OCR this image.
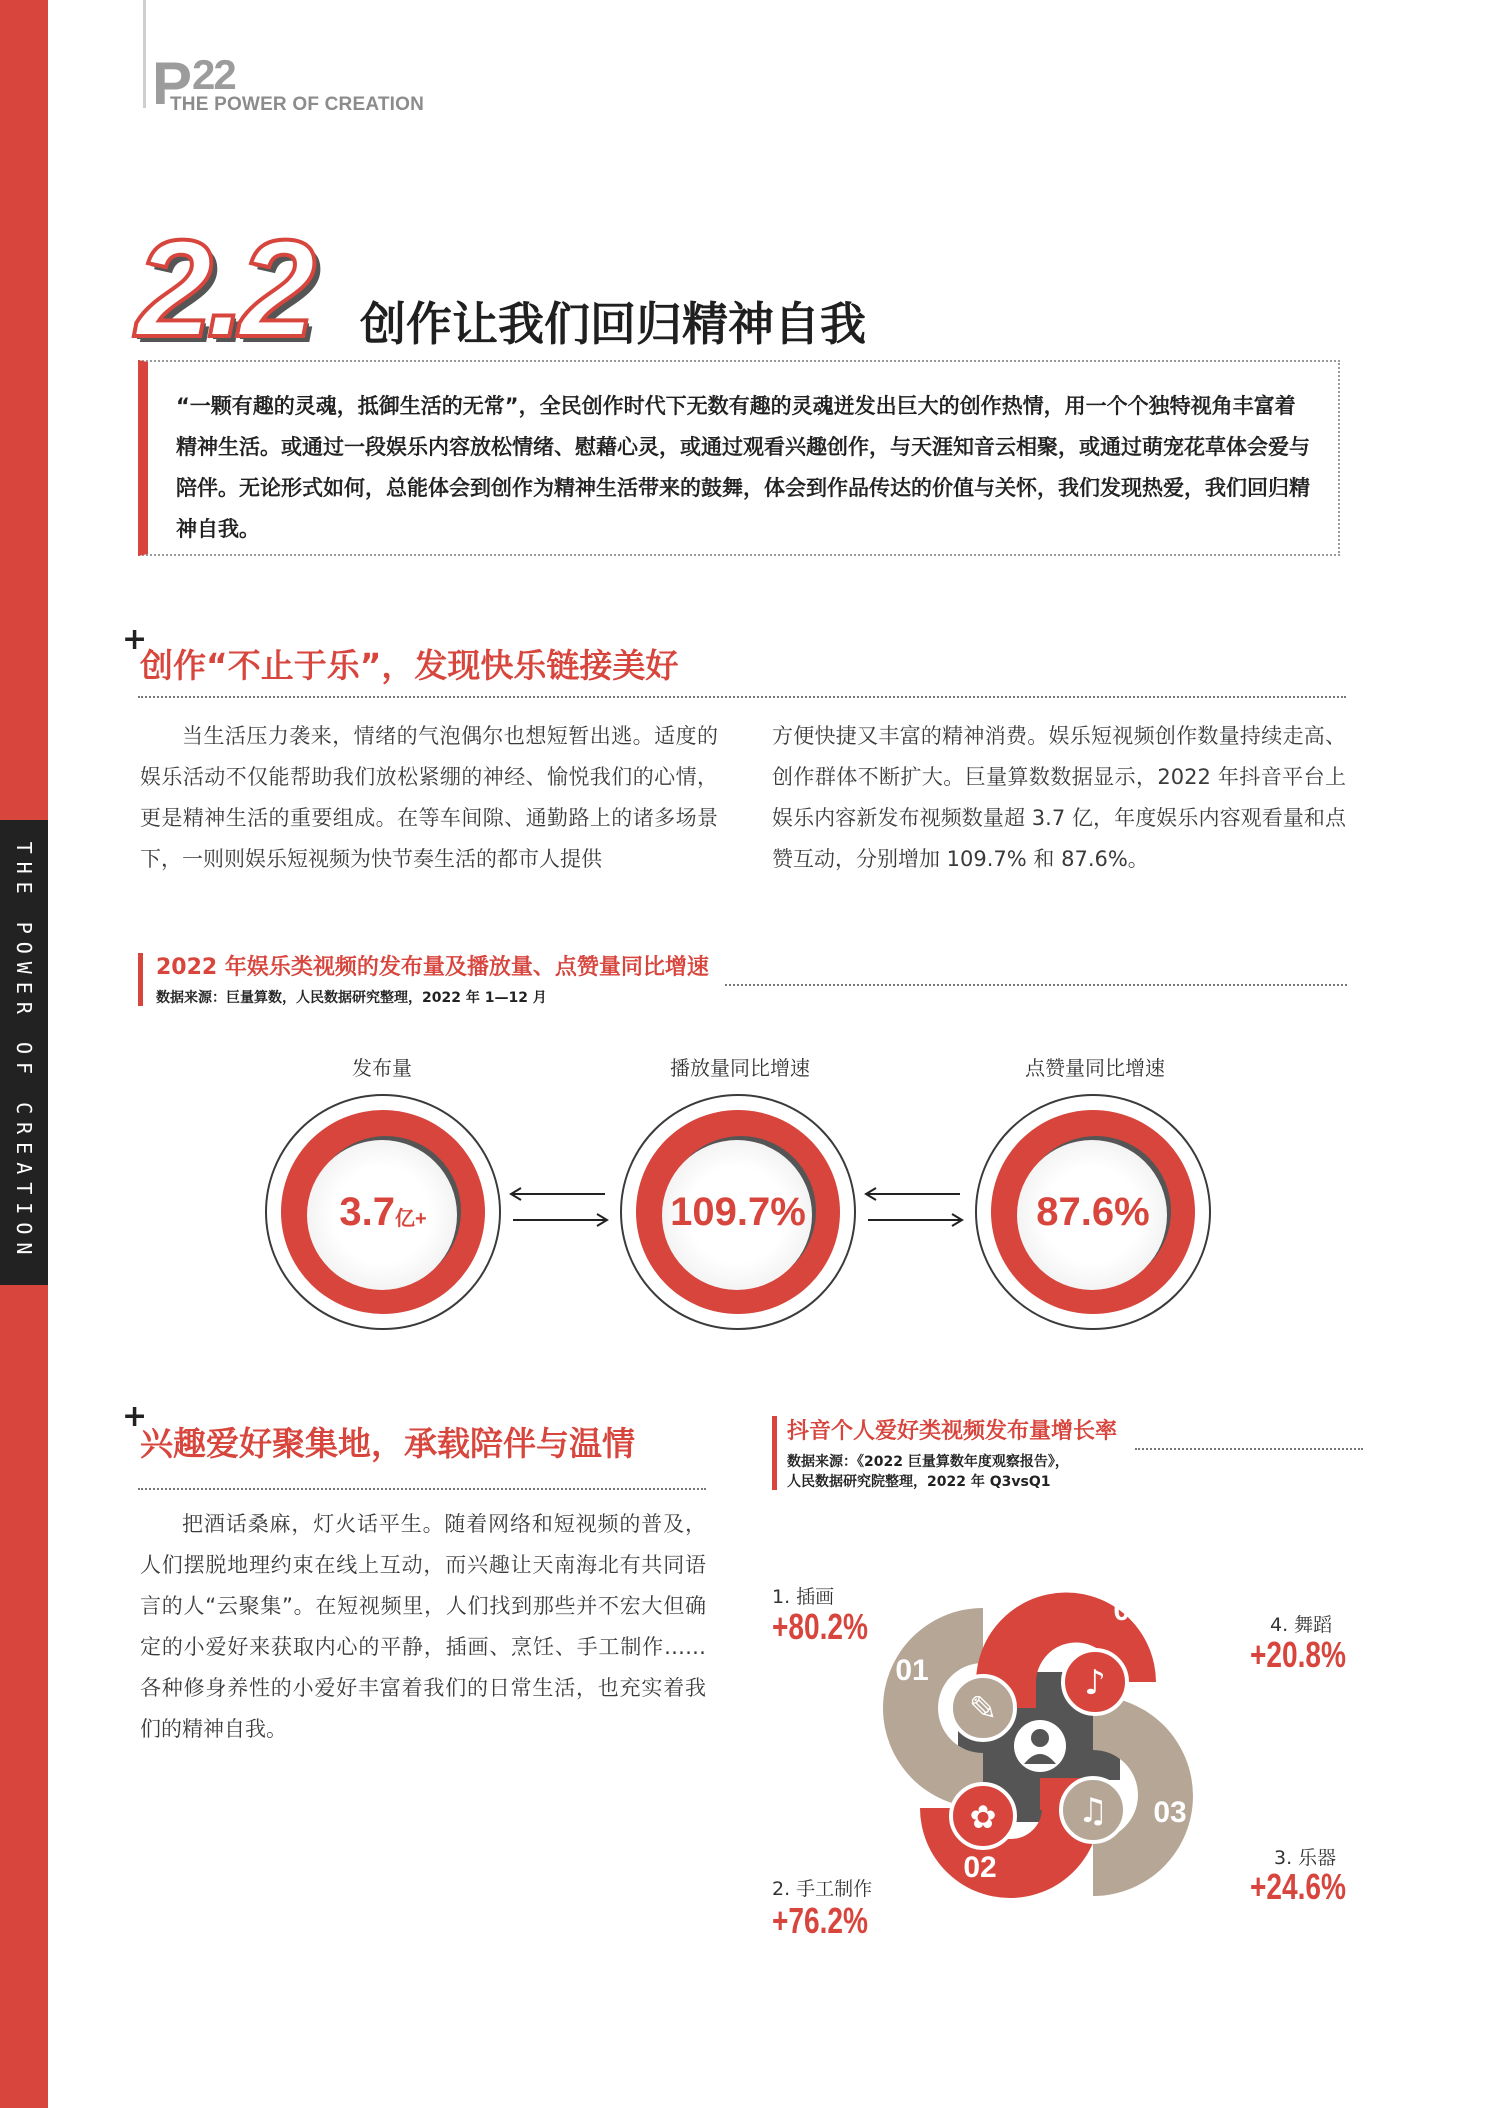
THE POWER OF CREATION
$P^{22}$
THE POWER OF CREATION
2.2 创作让我们回归精神自我
“一颗有趣的灵魂，抵御生活的无常”，全民创作时代下无数有趣的灵魂迸发出巨大的创作热情，用一个个独特视角丰富着精神生活。或通过一段娱乐内容放松情绪、慰藉心灵，或通过观看兴趣创作，与天涯知音云相聚，或通过萌宠花草体会爱与陪伴。无论形式如何，总能体会到创作为精神生活带来的鼓舞，体会到作品传达的价值与关怀，我们发现热爱，我们回归精神自我。
+
创作“不止于乐”，发现快乐链接美好
当生活压力袭来，情绪的气泡偶尔也想短暂出逃。适度的娱乐活动不仅能帮助我们放松紧绷的神经、愉悦我们的心情，更是精神生活的重要组成。在等车间隙、通勤路上的诸多场景下，一则则娱乐短视频为快节奏生活的都市人提供
方便快捷又丰富的精神消费。娱乐短视频创作数量持续走高、创作群体不断扩大。巨量算数数据显示，2022 年抖音平台上娱乐内容新发布视频数量超 3.7 亿，年度娱乐内容观看量和点赞互动，分别增加 109.7% 和 87.6%。
2022 年娱乐类视频的发布量及播放量、点赞量同比增速
数据来源：巨量算数，人民数据研究整理，2022 年 1—12 月
发布量
3.7亿+
播放量同比增速
109.7%
点赞量同比增速
87.6%
+
兴趣爱好聚集地，承载陪伴与温情
把酒话桑麻，灯火话平生。随着网络和短视频的普及，人们摆脱地理约束在线上互动，而兴趣让天南海北有共同语言的人“云聚集”。在短视频里，人们找到那些并不宏大但确定的小爱好来获取内心的平静，插画、烹饪、手工制作……各种修身养性的小爱好丰富着我们的日常生活，也充实着我们的精神自我。
抖音个人爱好类视频发布量增长率
数据来源：《2022 巨量算数年度观察报告》，
人民数据研究院整理，2022 年 Q3vsQ1
1. 插画
+80.2%	4. 舞蹈
+20.8%
3. 乐器
+24.6%
2. 手工制作
+76.2%
✎
♪
♫
✿
01
04
03
02
